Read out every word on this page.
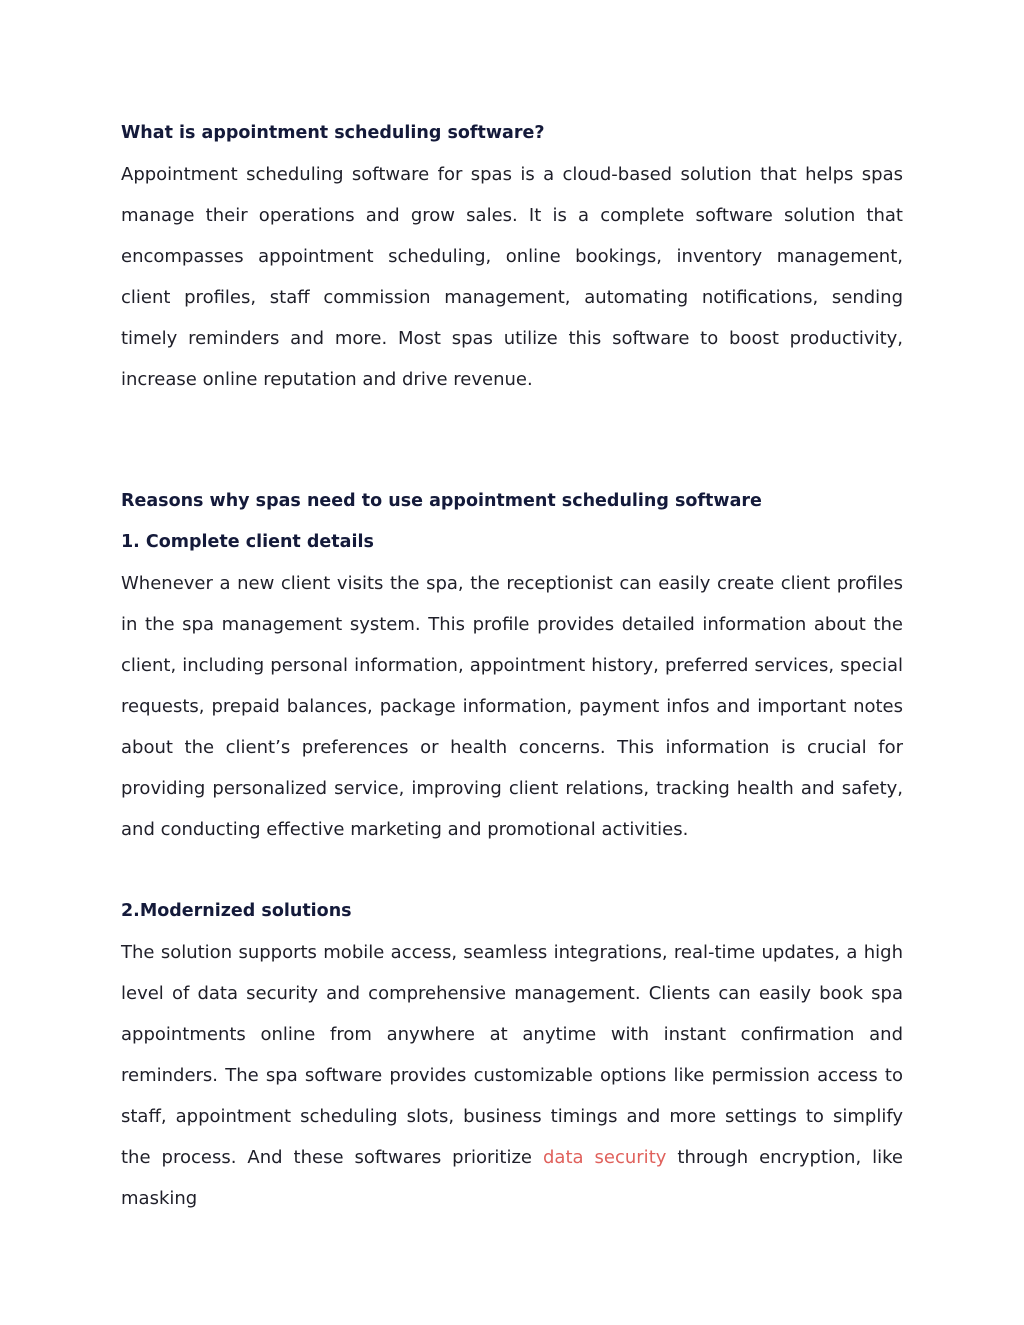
What is appointment scheduling software?

Appointment scheduling software for spas is a cloud-based solution that helps spas manage their operations and grow sales. It is a complete software solution that encompasses appointment scheduling, online bookings, inventory management, client profiles, staff commission management, automating notifications, sending timely reminders and more. Most spas utilize this software to boost productivity, increase online reputation and drive revenue.

Reasons why spas need to use appointment scheduling software
1. Complete client details

Whenever a new client visits the spa, the receptionist can easily create client profiles in the spa management system. This profile provides detailed information about the client, including personal information, appointment history, preferred services, special requests, prepaid balances, package information, payment infos and important notes about the client’s preferences or health concerns. This information is crucial for providing personalized service, improving client relations, tracking health and safety, and conducting effective marketing and promotional activities.

2.Modernized solutions

The solution supports mobile access, seamless integrations, real-time updates, a high level of data security and comprehensive management. Clients can easily book spa appointments online from anywhere at anytime with instant confirmation and reminders. The spa software provides customizable options like permission access to staff, appointment scheduling slots, business timings and more settings to simplify the process. And these softwares prioritize data security through encryption, like masking
